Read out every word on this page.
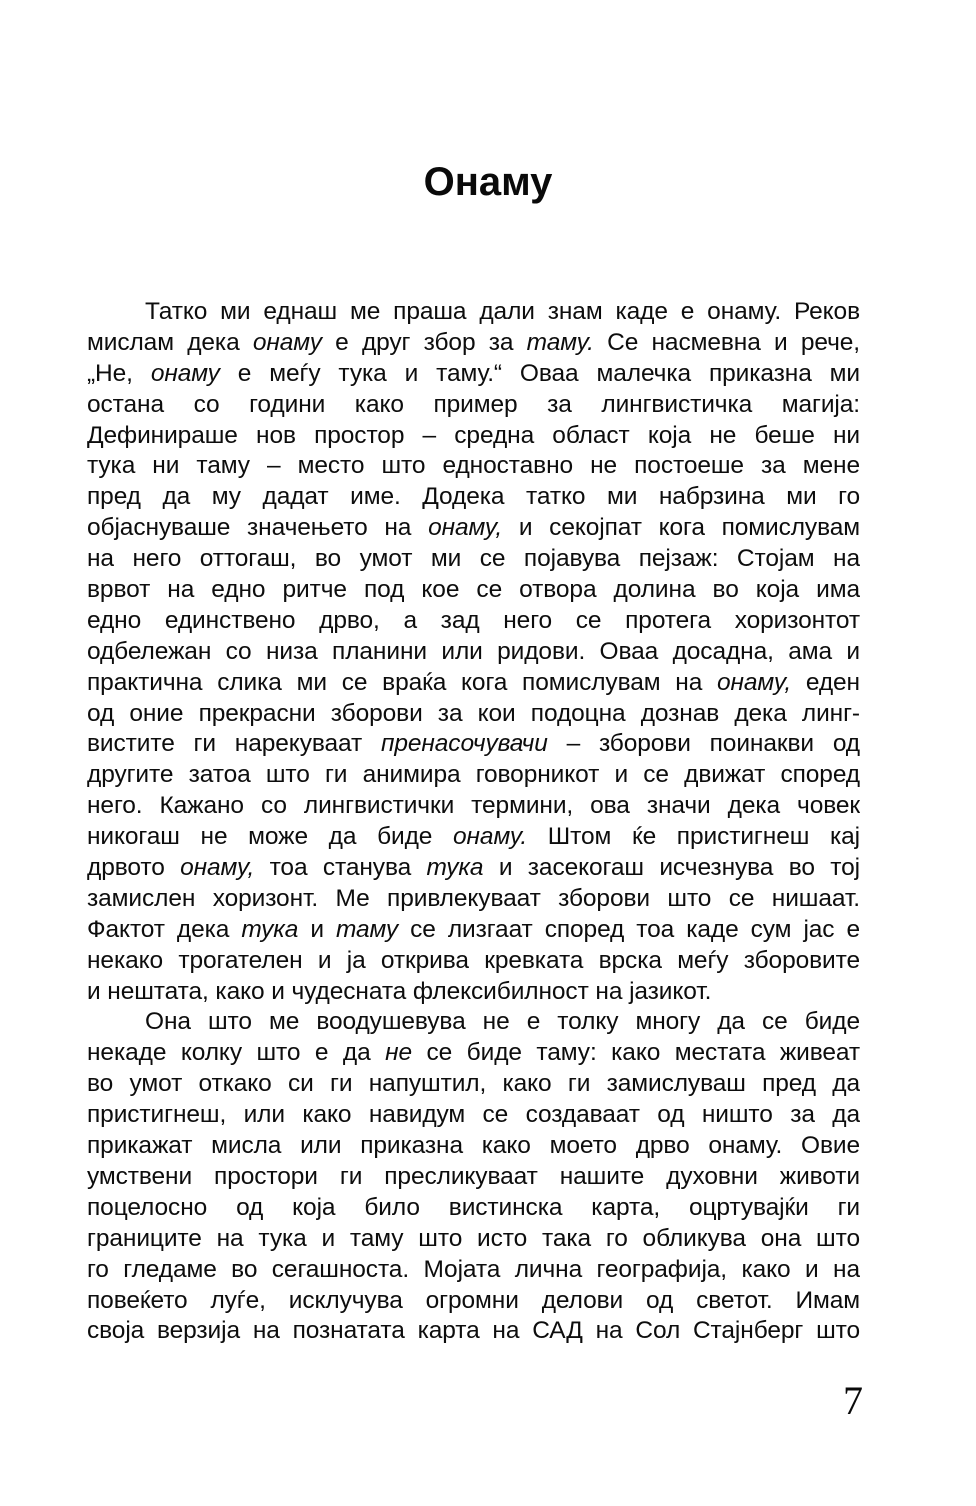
Онаму
Татко ми еднаш ме праша дали знам каде е онаму. Реков
мислам дека онаму е друг збор за таму. Се насмевна и рече,
„Не, онаму е меѓу тука и таму.“ Оваа малечка приказна ми
остана со години како пример за лингвистичка магија:
Дефинираше нов простор – средна област која не беше ни
тука ни таму – место што едноставно не постоеше за мене
пред да му дадат име. Додека татко ми набрзина ми го
објаснуваше значењето на онаму, и секојпат кога помислувам
на него оттогаш, во умот ми се појавува пејзаж: Стојам на
врвот на едно ритче под кое се отвора долина во која има
едно единствено дрво, а зад него се протега хоризонтот
одбележан со низа планини или ридови. Оваа досадна, ама и
практична слика ми се враќа кога помислувам на онаму, еден
од оние прекрасни зборови за кои подоцна дознав дека линг-
вистите ги нарекуваат пренасочувачи – зборови поинакви од
другите затоа што ги анимира говорникот и се движат според
него. Кажано со лингвистички термини, ова значи дека човек
никогаш не може да биде онаму. Штом ќе пристигнеш кај
дрвото онаму, тоа станува тука и засекогаш исчезнува во тој
замислен хоризонт. Ме привлекуваат зборови што се нишаат.
Фактот дека тука и таму се лизгаат според тоа каде сум јас е
некако трогателен и ја открива кревката врска меѓу зборовите
и нештата, како и чудесната флексибилност на јазикот.
Она што ме воодушевува не е толку многу да се биде
некаде колку што е да не се биде таму: како местата живеат
во умот откако си ги напуштил, како ги замислуваш пред да
пристигнеш, или како навидум се создаваат од ништо за да
прикажат мисла или приказна како моето дрво онаму. Овие
умствени простори ги пресликуваат нашите духовни животи
поцелосно од која било вистинска карта, оцртувајќи ги
границите на тука и таму што исто така го обликува она што
го гледаме во сегашноста. Мојата лична географија, како и на
повеќето луѓе, исклучува огромни делови од светот. Имам
своја верзија на познатата карта на САД на Сол Стајнберг што
7
